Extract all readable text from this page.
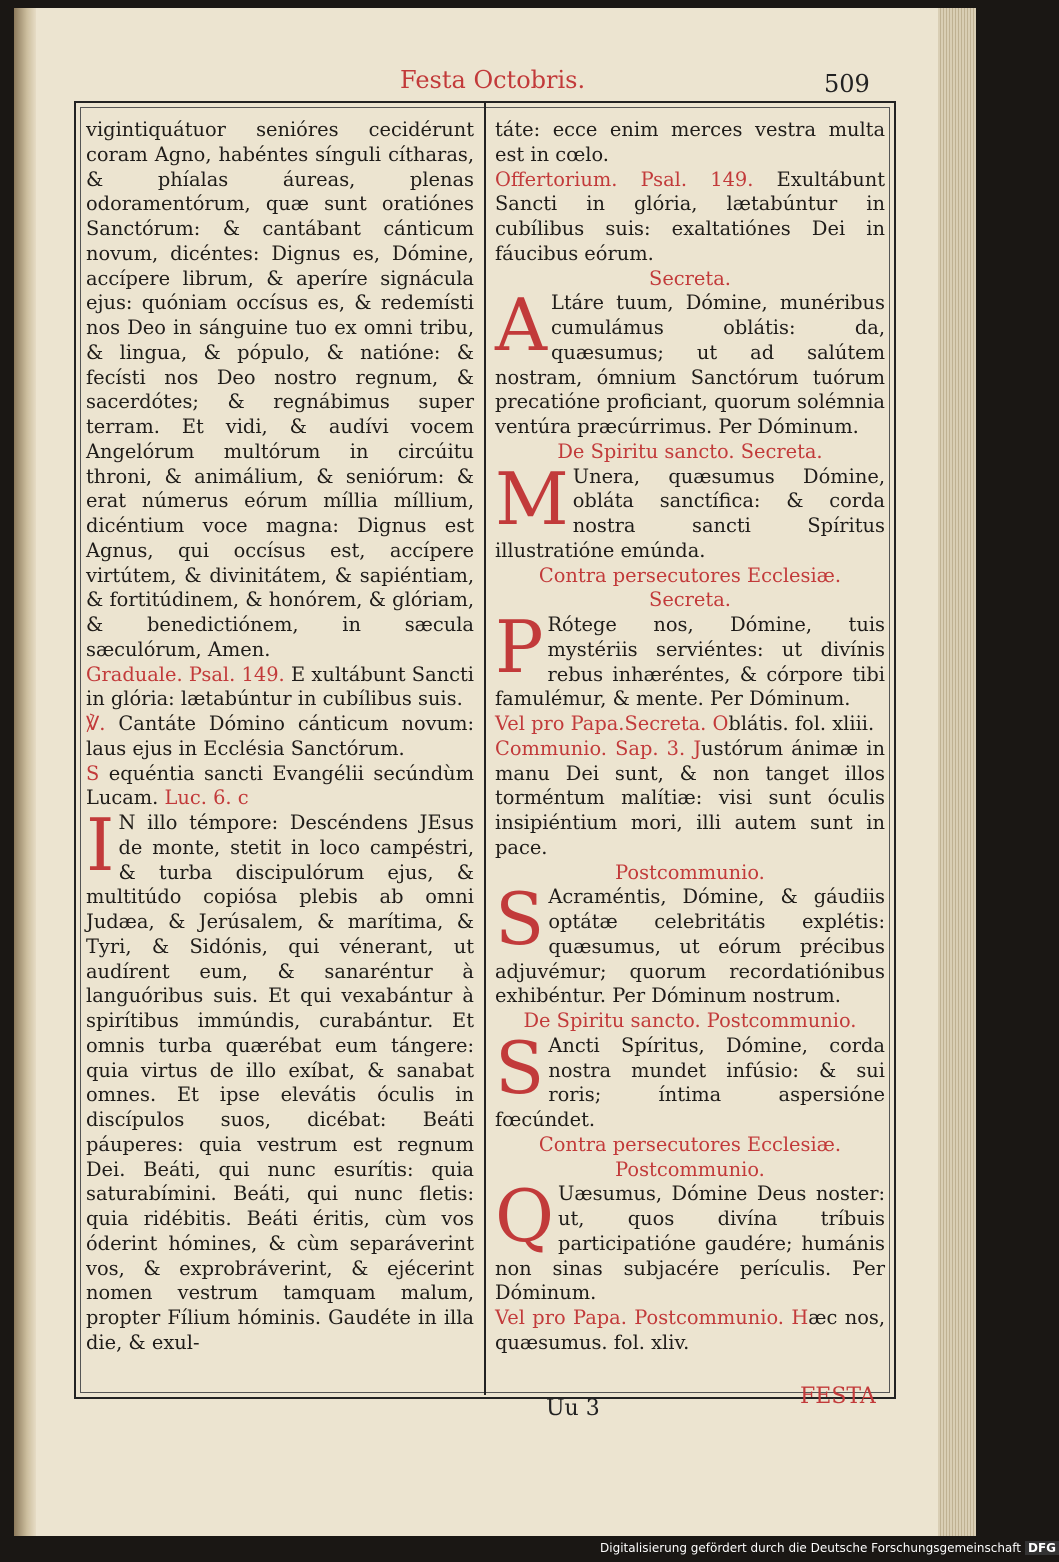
Festa Octobris.	509

vigintiquátuor senióres cecidérunt coram Agno, habéntes sínguli cítharas, & phíalas áureas, plenas odoramentórum, quæ sunt oratiónes Sanctórum: & cantábant cánticum novum, dicéntes: Dignus es, Dómine, accípere librum, & aperíre signácula ejus: quóniam occísus es, & redemísti nos Deo in sánguine tuo ex omni tribu, & lingua, & pópulo, & natióne: & fecísti nos Deo nostro regnum, & sacerdótes; & regnábimus super terram. Et vidi, & audívi vocem Angelórum multórum in circúitu throni, & animálium, & seniórum: & erat númerus eórum míllia míllium, dicéntium voce magna: Dignus est Agnus, qui occísus est, accípere virtútem, & divinitátem, & sapiéntiam, & fortitúdinem, & honórem, & glóriam, & benedictiónem, in sæcula sæculórum, Amen.

Graduale. Psal. 149. E xultábunt Sancti in glória: lætabúntur in cubílibus suis.

℣. Cantáte Dómino cánticum novum: laus ejus in Ecclésia Sanctórum.

S equéntia sancti Evangélii secúndùm Lucam. Luc. 6. c

I N illo témpore: Descéndens JEsus de monte, stetit in loco campéstri, & turba discipulórum ejus, & multitúdo copiósa plebis ab omni Judæa, & Jerúsalem, & marítima, & Tyri, & Sidónis, qui vénerant, ut audírent eum, & sanaréntur à languóribus suis. Et qui vexabántur à spirítibus immúndis, curabántur. Et omnis turba quærébat eum tángere: quia virtus de illo exíbat, & sanabat omnes. Et ipse elevátis óculis in discípulos suos, dicébat: Beáti páuperes: quia vestrum est regnum Dei. Beáti, qui nunc esurítis: quia saturabímini. Beáti, qui nunc fletis: quia ridébitis. Beáti éritis, cùm vos óderint hómines, & cùm separáverint vos, & exprobráverint, & ejécerint nomen vestrum tamquam malum, propter Fílium hóminis. Gaudéte in illa die, & exul-

táte: ecce enim merces vestra multa est in cœlo.

Offertorium. Psal. 149. Exultábunt Sancti in glória, lætabúntur in cubílibus suis: exaltatiónes Dei in fáucibus eórum.

Secreta.

A Ltáre tuum, Dómine, munéribus cumulámus oblátis: da, quæsumus; ut ad salútem nostram, ómnium Sanctórum tuórum precatióne proficiant, quorum solémnia ventúra præcúrrimus. Per Dóminum.

De Spiritu sancto. Secreta.

M Unera, quæsumus Dómine, obláta sanctífica: & corda nostra sancti Spíritus illustratióne emúnda.

Contra persecutores Ecclesiæ.

Secreta.

P Rótege nos, Dómine, tuis mystériis serviéntes: ut divínis rebus inhæréntes, & córpore tibi famulémur, & mente. Per Dóminum.

Vel pro Papa.Secreta. Oblátis. fol. xliii.

Communio. Sap. 3. Justórum ánimæ in manu Dei sunt, & non tanget illos torméntum malítiæ: visi sunt óculis insipiéntium mori, illi autem sunt in pace.

Postcommunio.

S Acraméntis, Dómine, & gáudiis optátæ celebritátis explétis: quæsumus, ut eórum précibus adjuvémur; quorum recordatiónibus exhibéntur. Per Dóminum nostrum.

De Spiritu sancto. Postcommunio.

S Ancti Spíritus, Dómine, corda nostra mundet infúsio: & sui roris; íntima aspersióne fœcúndet.

Contra persecutores Ecclesiæ.

Postcommunio.

Q Uæsumus, Dómine Deus noster: ut, quos divína tríbuis participatióne gaudére; humánis non sinas subjacére perículis. Per Dóminum.

Vel pro Papa. Postcommunio. Hæc nos, quæsumus. fol. xliv.

Uu 3	FESTA
Digitalisierung gefördert durch die Deutsche Forschungsgemeinschaft DFG
